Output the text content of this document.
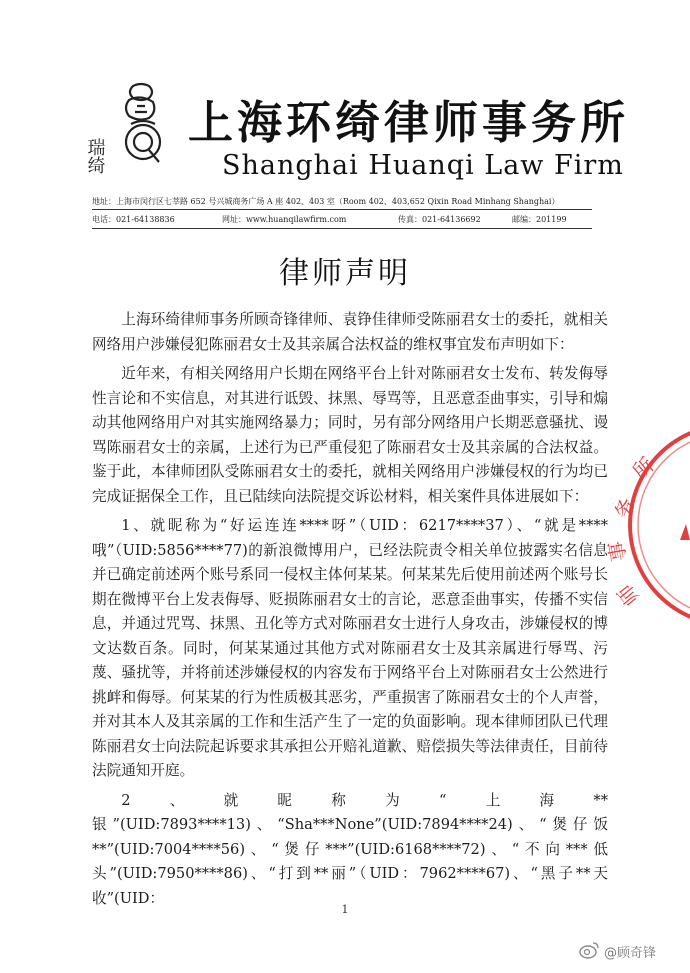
瑞绮
上海环绮律师事务所
Shanghai Huanqi Law Firm
地址：上海市闵行区七莘路 652 号兴城商务广场 A 座 402、403 室（Room 402、403,652 Qixin Road Minhang Shanghai）
电话：021-64138836	网址：www.huanqilawfirm.com	传真：021-64136692	邮编：201199
律师声明

上海环绮律师事务所顾奇锋律师、袁铮佳律师受陈丽君女士的委托，就相关网络用户涉嫌侵犯陈丽君女士及其亲属合法权益的维权事宜发布声明如下：

近年来，有相关网络用户长期在网络平台上针对陈丽君女士发布、转发侮辱性言论和不实信息，对其进行诋毁、抹黑、辱骂等，且恶意歪曲事实，引导和煽动其他网络用户对其实施网络暴力；同时，另有部分网络用户长期恶意骚扰、谩骂陈丽君女士的亲属，上述行为已严重侵犯了陈丽君女士及其亲属的合法权益。鉴于此，本律师团队受陈丽君女士的委托，就相关网络用户涉嫌侵权的行为均已完成证据保全工作，且已陆续向法院提交诉讼材料，相关案件具体进展如下：

1、就昵称为“好运连连****呀”（UID：6217****37）、“就是****哦”（UID:5856****77)的新浪微博用户，已经法院责令相关单位披露实名信息并已确定前述两个账号系同一侵权主体何某某。何某某先后使用前述两个账号长期在微博平台上发表侮辱、贬损陈丽君女士的言论，恶意歪曲事实，传播不实信息，并通过咒骂、抹黑、丑化等方式对陈丽君女士进行人身攻击，涉嫌侵权的博文达数百条。同时，何某某通过其他方式对陈丽君女士及其亲属进行辱骂、污蔑、骚扰等，并将前述涉嫌侵权的内容发布于网络平台上对陈丽君女士公然进行挑衅和侮辱。何某某的行为性质极其恶劣，严重损害了陈丽君女士的个人声誉，并对其本人及其亲属的工作和生活产生了一定的负面影响。现本律师团队已代理陈丽君女士向法院起诉要求其承担公开赔礼道歉、赔偿损失等法律责任，目前待法院通知开庭。

2、就昵称为“上海**银”(UID:7893****13)、“Sha***None”(UID:7894****24)、“煲仔饭**”(UID:7004****56)、“煲仔***”(UID:6168****72)、“不向***低头”(UID:7950****86)、“打到**丽”（UID：7962****67)、“黑子**天收”(UID：

1
所
务
事
师
@顾奇锋
